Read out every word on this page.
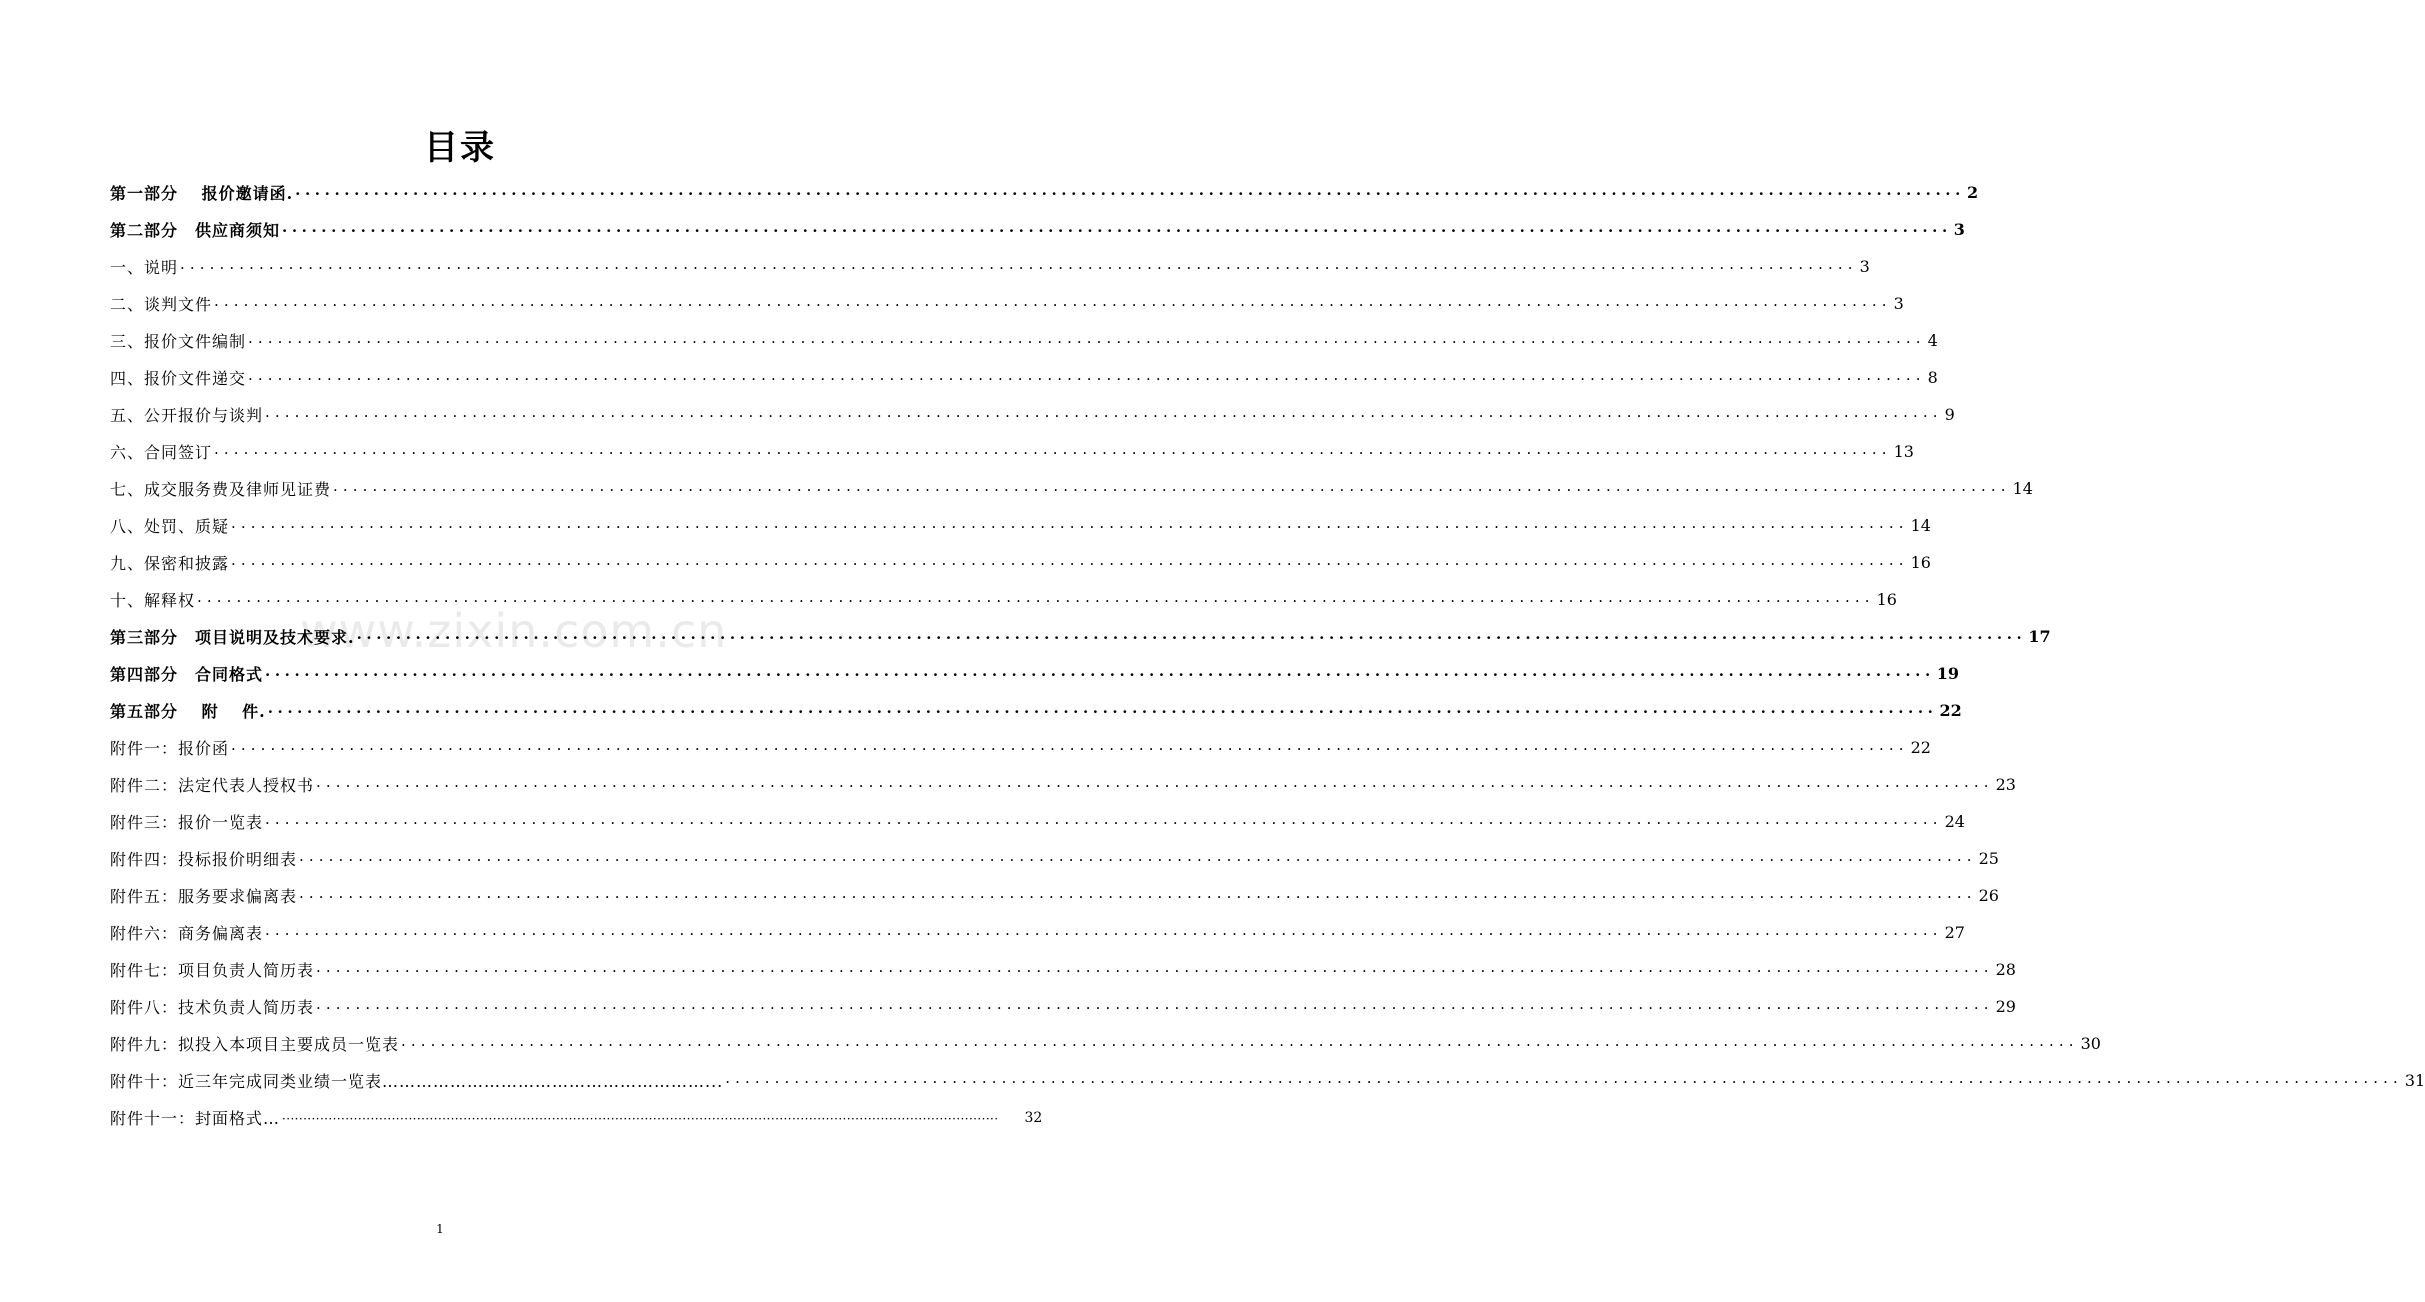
目录
www.zixin.com.cn
第一部分　 报价邀请函. ·········································································································································································· 2
第二部分　供应商须知 ·········································································································································································· 3
一、说明 ·········································································································································································· 3
二、谈判文件 ·········································································································································································· 3
三、报价文件编制 ·········································································································································································· 4
四、报价文件递交 ·········································································································································································· 8
五、公开报价与谈判 ·········································································································································································· 9
六、合同签订 ·········································································································································································· 13
七、成交服务费及律师见证费 ·········································································································································································· 14
八、处罚、质疑 ·········································································································································································· 14
九、保密和披露 ·········································································································································································· 16
十、解释权 ·········································································································································································· 16
第三部分　项目说明及技术要求. ·········································································································································································· 17
第四部分　合同格式 ·········································································································································································· 19
第五部分　 附　 件. ·········································································································································································· 22
附件一：报价函 ·········································································································································································· 22
附件二：法定代表人授权书 ·········································································································································································· 23
附件三：报价一览表 ·········································································································································································· 24
附件四：投标报价明细表 ·········································································································································································· 25
附件五：服务要求偏离表 ·········································································································································································· 26
附件六：商务偏离表 ·········································································································································································· 27
附件七：项目负责人简历表 ·········································································································································································· 28
附件八：技术负责人简历表 ·········································································································································································· 29
附件九：拟投入本项目主要成员一览表 ·········································································································································································· 30
附件十：近三年完成同类业绩一览表…………………………………………………... ·········································································································································································· 31
附件十一：封面格式… ·········································································································································································· 32
1
